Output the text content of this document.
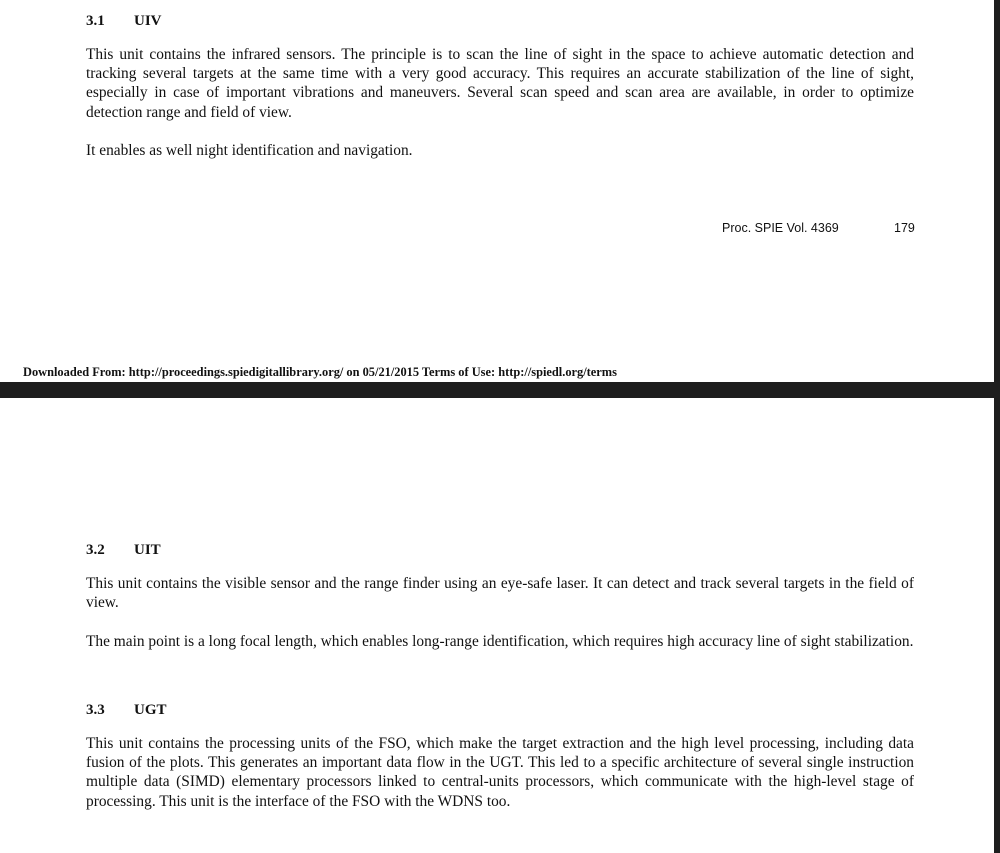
3.1 UIV
This unit contains the infrared sensors. The principle is to scan the line of sight in the space to achieve automatic detection and tracking several targets at the same time with a very good accuracy. This requires an accurate stabilization of the line of sight, especially in case of important vibrations and maneuvers. Several scan speed and scan area are available, in order to optimize detection range and field of view.
It enables as well night identification and navigation.
Proc. SPIE Vol. 4369	179
Downloaded From: http://proceedings.spiedigitallibrary.org/ on 05/21/2015 Terms of Use: http://spiedl.org/terms
3.2 UIT
This unit contains the visible sensor and the range finder using an eye-safe laser. It can detect and track several targets in the field of view.
The main point is a long focal length, which enables long-range identification, which requires high accuracy line of sight stabilization.
3.3 UGT
This unit contains the processing units of the FSO, which make the target extraction and the high level processing, including data fusion of the plots. This generates an important data flow in the UGT. This led to a specific architecture of several single instruction multiple data (SIMD) elementary processors linked to central-units processors, which communicate with the high-level stage of processing. This unit is the interface of the FSO with the WDNS too.
